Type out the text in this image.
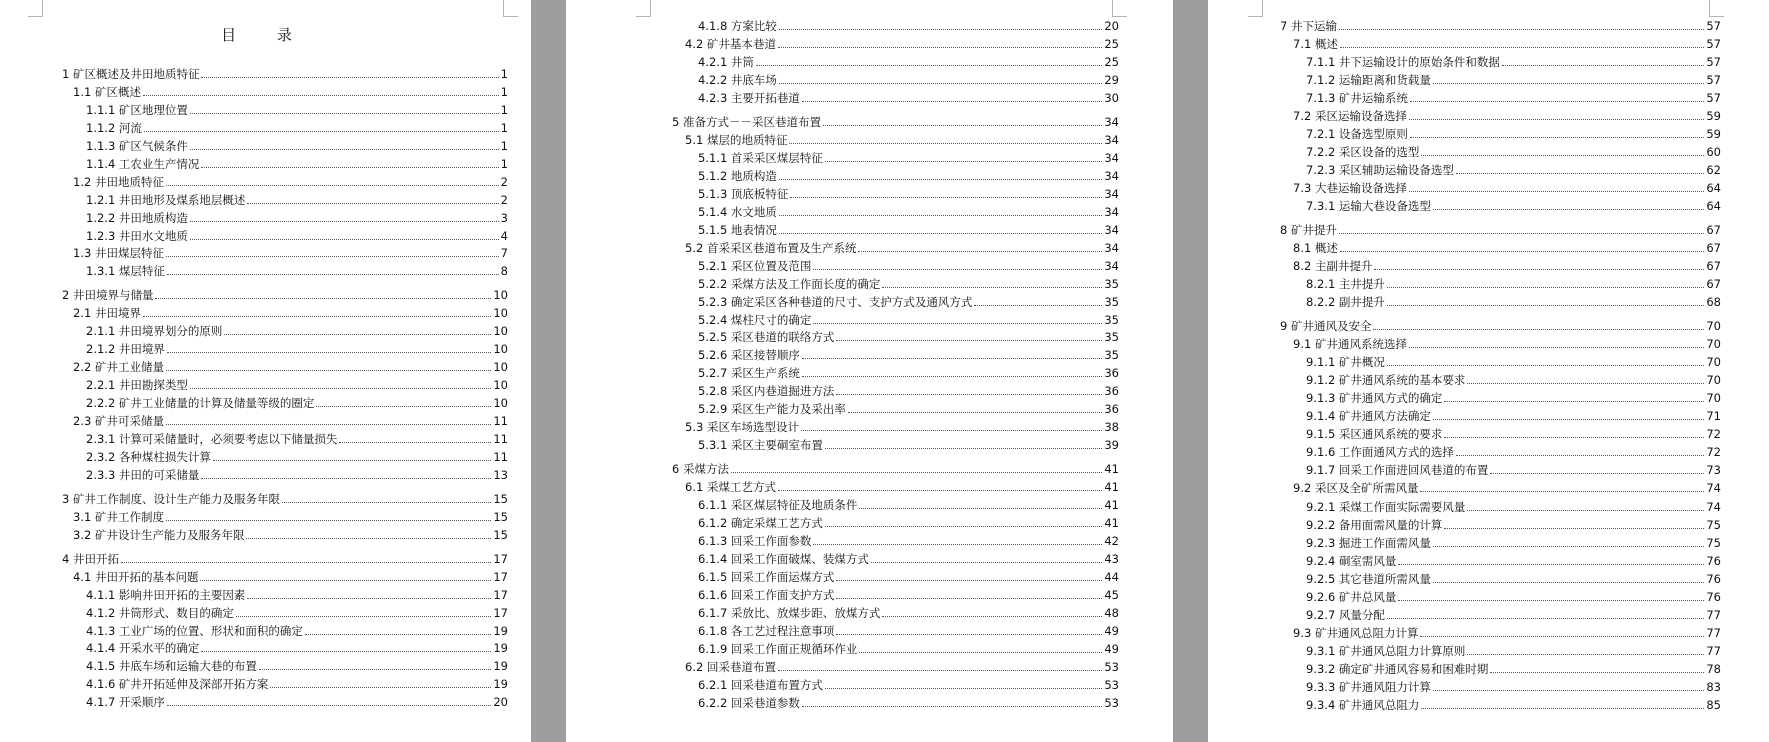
目 录
1 矿区概述及井田地质特征	1
1.1 矿区概述	1
1.1.1 矿区地理位置	1
1.1.2 河流	1
1.1.3 矿区气候条件	1
1.1.4 工农业生产情况	1
1.2 井田地质特征	2
1.2.1 井田地形及煤系地层概述	2
1.2.2 井田地质构造	3
1.2.3 井田水文地质	4
1.3 井田煤层特征	7
1.3.1 煤层特征	8
2 井田境界与储量	10
2.1 井田境界	10
2.1.1 井田境界划分的原则	10
2.1.2 井田境界	10
2.2 矿井工业储量	10
2.2.1 井田勘探类型	10
2.2.2 矿井工业储量的计算及储量等级的圈定	10
2.3 矿井可采储量	11
2.3.1 计算可采储量时，必须要考虑以下储量损失	11
2.3.2 各种煤柱损失计算	11
2.3.3 井田的可采储量	13
3 矿井工作制度、设计生产能力及服务年限	15
3.1 矿井工作制度	15
3.2 矿井设计生产能力及服务年限	15
4 井田开拓	17
4.1 井田开拓的基本问题	17
4.1.1 影响井田开拓的主要因素	17
4.1.2 井筒形式、数目的确定	17
4.1.3 工业广场的位置、形状和面积的确定	19
4.1.4 开采水平的确定	19
4.1.5 井底车场和运输大巷的布置	19
4.1.6 矿井开拓延伸及深部开拓方案	19
4.1.7 开采顺序	20
4.1.8 方案比较	20
4.2 矿井基本巷道	25
4.2.1 井筒	25
4.2.2 井底车场	29
4.2.3 主要开拓巷道	30
5 准备方式－－采区巷道布置	34
5.1 煤层的地质特征	34
5.1.1 首采采区煤层特征	34
5.1.2 地质构造	34
5.1.3 顶底板特征	34
5.1.4 水文地质	34
5.1.5 地表情况	34
5.2 首采采区巷道布置及生产系统	34
5.2.1 采区位置及范围	34
5.2.2 采煤方法及工作面长度的确定	35
5.2.3 确定采区各种巷道的尺寸、支护方式及通风方式	35
5.2.4 煤柱尺寸的确定	35
5.2.5 采区巷道的联络方式	35
5.2.6 采区接替顺序	35
5.2.7 采区生产系统	36
5.2.8 采区内巷道掘进方法	36
5.2.9 采区生产能力及采出率	36
5.3 采区车场选型设计	38
5.3.1 采区主要硐室布置	39
6 采煤方法	41
6.1 采煤工艺方式	41
6.1.1 采区煤层特征及地质条件	41
6.1.2 确定采煤工艺方式	41
6.1.3 回采工作面参数	42
6.1.4 回采工作面破煤、装煤方式	43
6.1.5 回采工作面运煤方式	44
6.1.6 回采工作面支护方式	45
6.1.7 采放比、放煤步距、放煤方式	48
6.1.8 各工艺过程注意事项	49
6.1.9 回采工作面正规循环作业	49
6.2 回采巷道布置	53
6.2.1 回采巷道布置方式	53
6.2.2 回采巷道参数	53
7 井下运输	57
7.1 概述	57
7.1.1 井下运输设计的原始条件和数据	57
7.1.2 运输距离和货载量	57
7.1.3 矿井运输系统	57
7.2 采区运输设备选择	59
7.2.1 设备选型原则	59
7.2.2 采区设备的选型	60
7.2.3 采区辅助运输设备选型	62
7.3 大巷运输设备选择	64
7.3.1 运输大巷设备选型	64
8 矿井提升	67
8.1 概述	67
8.2 主副井提升	67
8.2.1 主井提升	67
8.2.2 副井提升	68
9 矿井通风及安全	70
9.1 矿井通风系统选择	70
9.1.1 矿井概况	70
9.1.2 矿井通风系统的基本要求	70
9.1.3 矿井通风方式的确定	70
9.1.4 矿井通风方法确定	71
9.1.5 采区通风系统的要求	72
9.1.6 工作面通风方式的选择	72
9.1.7 回采工作面进回风巷道的布置	73
9.2 采区及全矿所需风量	74
9.2.1 采煤工作面实际需要风量	74
9.2.2 备用面需风量的计算	75
9.2.3 掘进工作面需风量	75
9.2.4 硐室需风量	76
9.2.5 其它巷道所需风量	76
9.2.6 矿井总风量	76
9.2.7 风量分配	77
9.3 矿井通风总阻力计算	77
9.3.1 矿井通风总阻力计算原则	77
9.3.2 确定矿井通风容易和困难时期	78
9.3.3 矿井通风阻力计算	83
9.3.4 矿井通风总阻力	85
